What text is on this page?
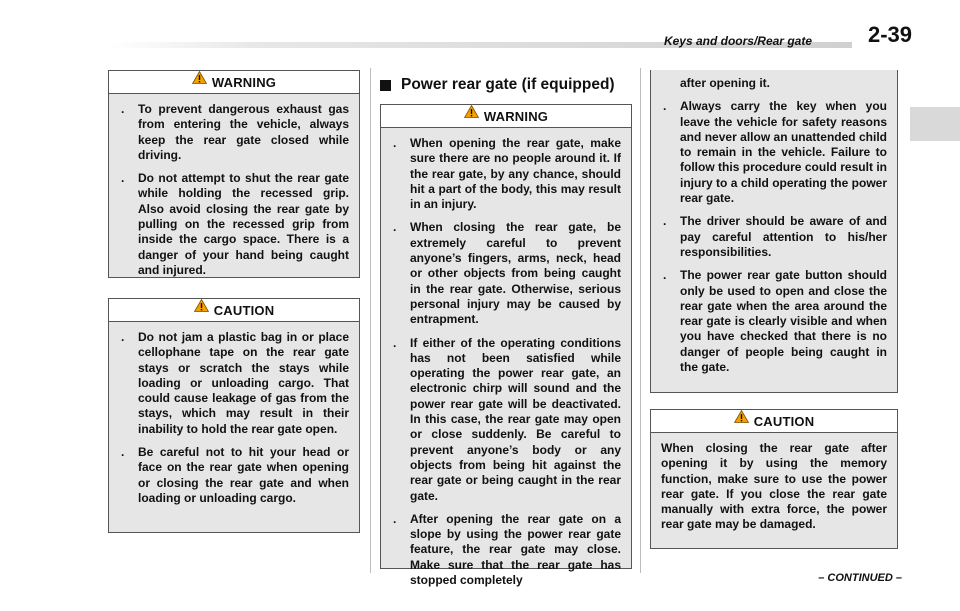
Keys and doors/Rear gate	2-39
WARNING
. To prevent dangerous exhaust gas from entering the vehicle, always keep the rear gate closed while driving.
. Do not attempt to shut the rear gate while holding the recessed grip. Also avoid closing the rear gate by pulling on the recessed grip from inside the cargo space. There is a danger of your hand being caught and injured.
CAUTION
. Do not jam a plastic bag in or place cellophane tape on the rear gate stays or scratch the stays while loading or unloading cargo. That could cause leakage of gas from the stays, which may result in their inability to hold the rear gate open.
. Be careful not to hit your head or face on the rear gate when opening or closing the rear gate and when loading or unloading cargo.
Power rear gate (if equipped)
WARNING
. When opening the rear gate, make sure there are no people around it. If the rear gate, by any chance, should hit a part of the body, this may result in an injury.
. When closing the rear gate, be extremely careful to prevent anyone’s fingers, arms, neck, head or other objects from being caught in the rear gate. Otherwise, serious personal injury may be caused by entrapment.
. If either of the operating conditions has not been satisfied while operating the power rear gate, an electronic chirp will sound and the power rear gate will be deactivated. In this case, the rear gate may open or close suddenly. Be careful to prevent anyone’s body or any objects from being hit against the rear gate or being caught in the rear gate.
. After opening the rear gate on a slope by using the power rear gate feature, the rear gate may close. Make sure that the rear gate has stopped completely
after opening it.
. Always carry the key when you leave the vehicle for safety reasons and never allow an unattended child to remain in the vehicle. Failure to follow this procedure could result in injury to a child operating the power rear gate.
. The driver should be aware of and pay careful attention to his/her responsibilities.
. The power rear gate button should only be used to open and close the rear gate when the area around the rear gate is clearly visible and when you have checked that there is no danger of people being caught in the gate.
CAUTION
When closing the rear gate after opening it by using the memory function, make sure to use the power rear gate. If you close the rear gate manually with extra force, the power rear gate may be damaged.
– CONTINUED –
